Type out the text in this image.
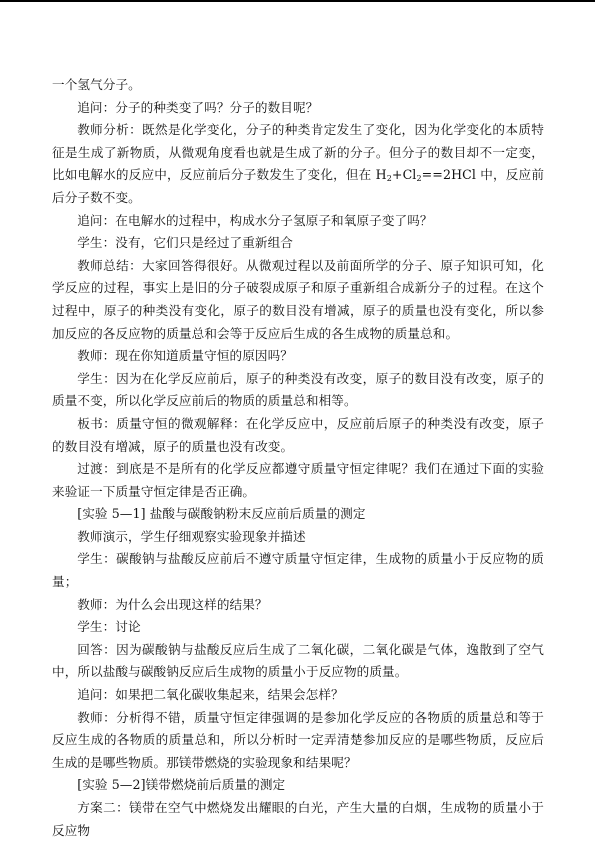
一个氢气分子。

追问：分子的种类变了吗？分子的数目呢？

教师分析：既然是化学变化，分子的种类肯定发生了变化，因为化学变化的本质特征是生成了新物质，从微观角度看也就是生成了新的分子。但分子的数目却不一定变，比如电解水的反应中，反应前后分子数发生了变化，但在 $H_2+Cl_2==2HCl$ 中，反应前后分子数不变。

追问：在电解水的过程中，构成水分子氢原子和氧原子变了吗？

学生：没有，它们只是经过了重新组合

教师总结：大家回答得很好。从微观过程以及前面所学的分子、原子知识可知，化学反应的过程，事实上是旧的分子破裂成原子和原子重新组合成新分子的过程。在这个过程中，原子的种类没有变化，原子的数目没有增减，原子的质量也没有变化，所以参加反应的各反应物的质量总和会等于反应后生成的各生成物的质量总和。

教师：现在你知道质量守恒的原因吗？

学生：因为在化学反应前后，原子的种类没有改变，原子的数目没有改变，原子的质量不变，所以化学反应前后的物质的质量总和相等。

板书：质量守恒的微观解释：在化学反应中，反应前后原子的种类没有改变，原子的数目没有增减，原子的质量也没有改变。

过渡：到底是不是所有的化学反应都遵守质量守恒定律呢？我们在通过下面的实验来验证一下质量守恒定律是否正确。

[实验 5—1] 盐酸与碳酸钠粉末反应前后质量的测定

教师演示，学生仔细观察实验现象并描述

学生：碳酸钠与盐酸反应前后不遵守质量守恒定律，生成物的质量小于反应物的质量；

教师：为什么会出现这样的结果？

学生：讨论

回答：因为碳酸钠与盐酸反应后生成了二氧化碳，二氧化碳是气体，逸散到了空气中，所以盐酸与碳酸钠反应后生成物的质量小于反应物的质量。

追问：如果把二氧化碳收集起来，结果会怎样？

教师：分析得不错，质量守恒定律强调的是参加化学反应的各物质的质量总和等于反应生成的各物质的质量总和，所以分析时一定弄清楚参加反应的是哪些物质，反应后生成的是哪些物质。那镁带燃烧的实验现象和结果呢？

[实验 5—2]镁带燃烧前后质量的测定

方案二：镁带在空气中燃烧发出耀眼的白光，产生大量的白烟，生成物的质量小于反应物
